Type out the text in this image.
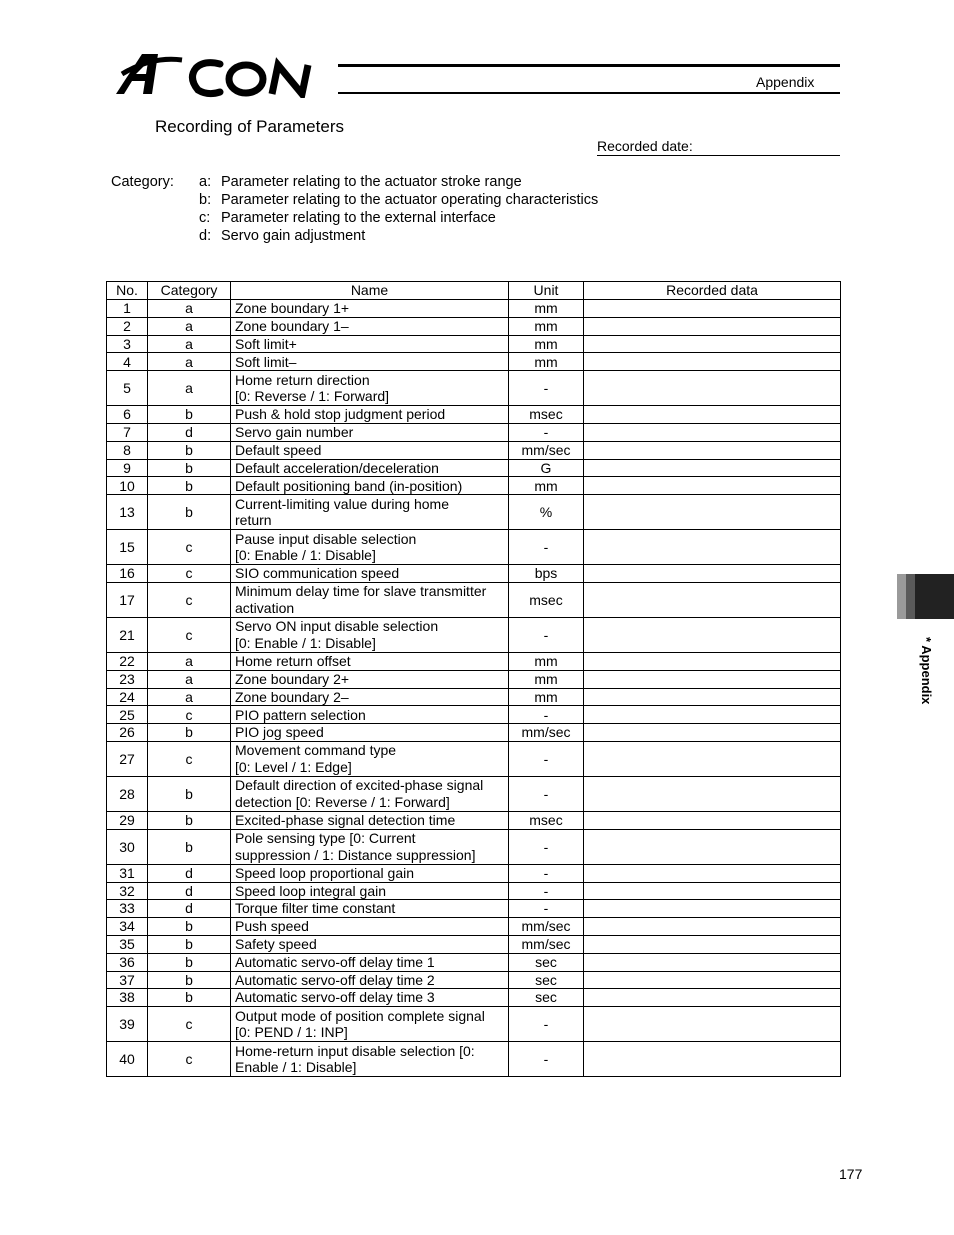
Appendix
Recording of Parameters
Recorded date:
Category: a: Parameter relating to the actuator stroke range
b: Parameter relating to the actuator operating characteristics
c: Parameter relating to the external interface
d: Servo gain adjustment
No.	Category	Name	Unit	Recorded data
1	a	Zone boundary 1+	mm	
2	a	Zone boundary 1–	mm	
3	a	Soft limit+	mm	
4	a	Soft limit–	mm	
5	a	Home return direction
[0: Reverse / 1: Forward]	-	
6	b	Push & hold stop judgment period	msec	
7	d	Servo gain number	-	
8	b	Default speed	mm/sec	
9	b	Default acceleration/deceleration	G	
10	b	Default positioning band (in-position)	mm	
13	b	Current-limiting value during home
return	%	
15	c	Pause input disable selection
[0: Enable / 1: Disable]	-	
16	c	SIO communication speed	bps	
17	c	Minimum delay time for slave transmitter
activation	msec	
21	c	Servo ON input disable selection
[0: Enable / 1: Disable]	-	
22	a	Home return offset	mm	
23	a	Zone boundary 2+	mm	
24	a	Zone boundary 2–	mm	
25	c	PIO pattern selection	-	
26	b	PIO jog speed	mm/sec	
27	c	Movement command type
[0: Level / 1: Edge]	-	
28	b	Default direction of excited-phase signal
detection [0: Reverse / 1: Forward]	-	
29	b	Excited-phase signal detection time	msec	
30	b	Pole sensing type [0: Current
suppression / 1: Distance suppression]	-	
31	d	Speed loop proportional gain	-	
32	d	Speed loop integral gain	-	
33	d	Torque filter time constant	-	
34	b	Push speed	mm/sec	
35	b	Safety speed	mm/sec	
36	b	Automatic servo-off delay time 1	sec	
37	b	Automatic servo-off delay time 2	sec	
38	b	Automatic servo-off delay time 3	sec	
39	c	Output mode of position complete signal
[0: PEND / 1: INP]	-	
40	c	Home-return input disable selection [0:
Enable / 1: Disable]	-	
* Appendix
177
